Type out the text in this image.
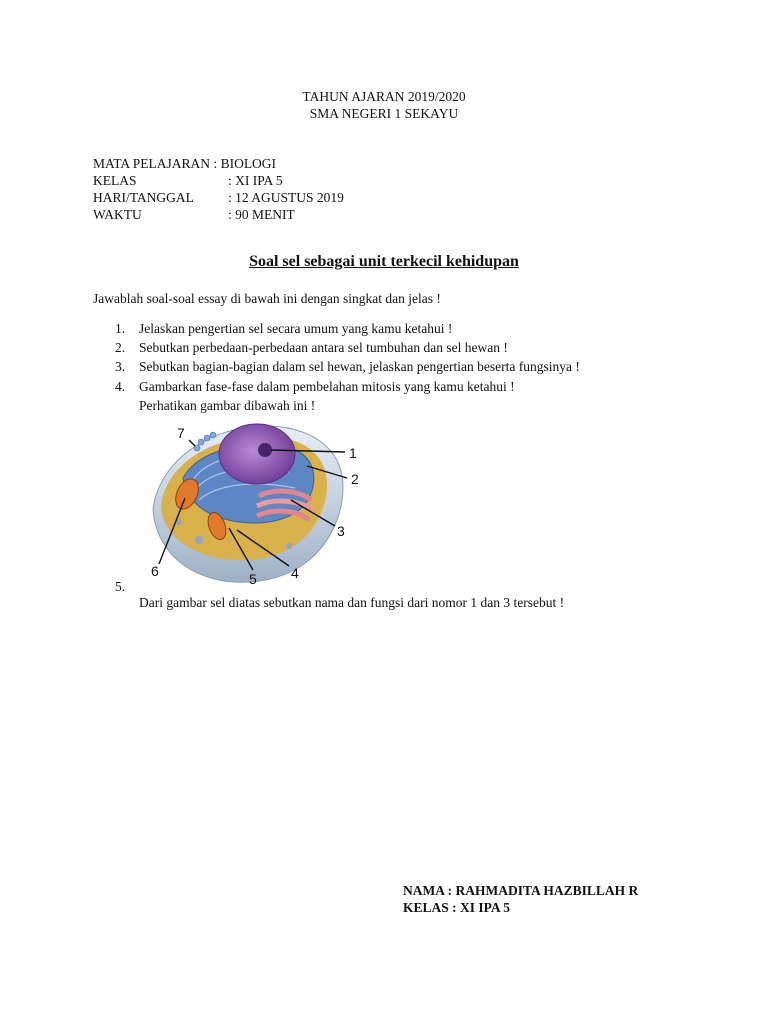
TAHUN AJARAN 2019/2020
SMA NEGERI 1 SEKAYU
MATA PELAJARAN : BIOLOGI
KELAS	: XI IPA 5
HARI/TANGGAL	: 12 AGUSTUS 2019
WAKTU	: 90 MENIT
Soal sel sebagai unit terkecil kehidupan
Jawablah soal-soal essay di bawah ini dengan singkat dan jelas !
1. Jelaskan pengertian sel secara umum yang kamu ketahui !
2. Sebutkan perbedaan-perbedaan antara sel tumbuhan dan sel hewan !
3. Sebutkan bagian-bagian dalam sel hewan, jelaskan pengertian beserta fungsinya !
4. Gambarkan fase-fase dalam pembelahan mitosis yang kamu ketahui !
Perhatikan gambar dibawah ini !
1
2
3
4
5
6
7
5.
Dari gambar sel diatas sebutkan nama dan fungsi dari nomor 1 dan 3 tersebut !
NAMA : RAHMADITA HAZBILLAH R
KELAS : XI IPA 5
